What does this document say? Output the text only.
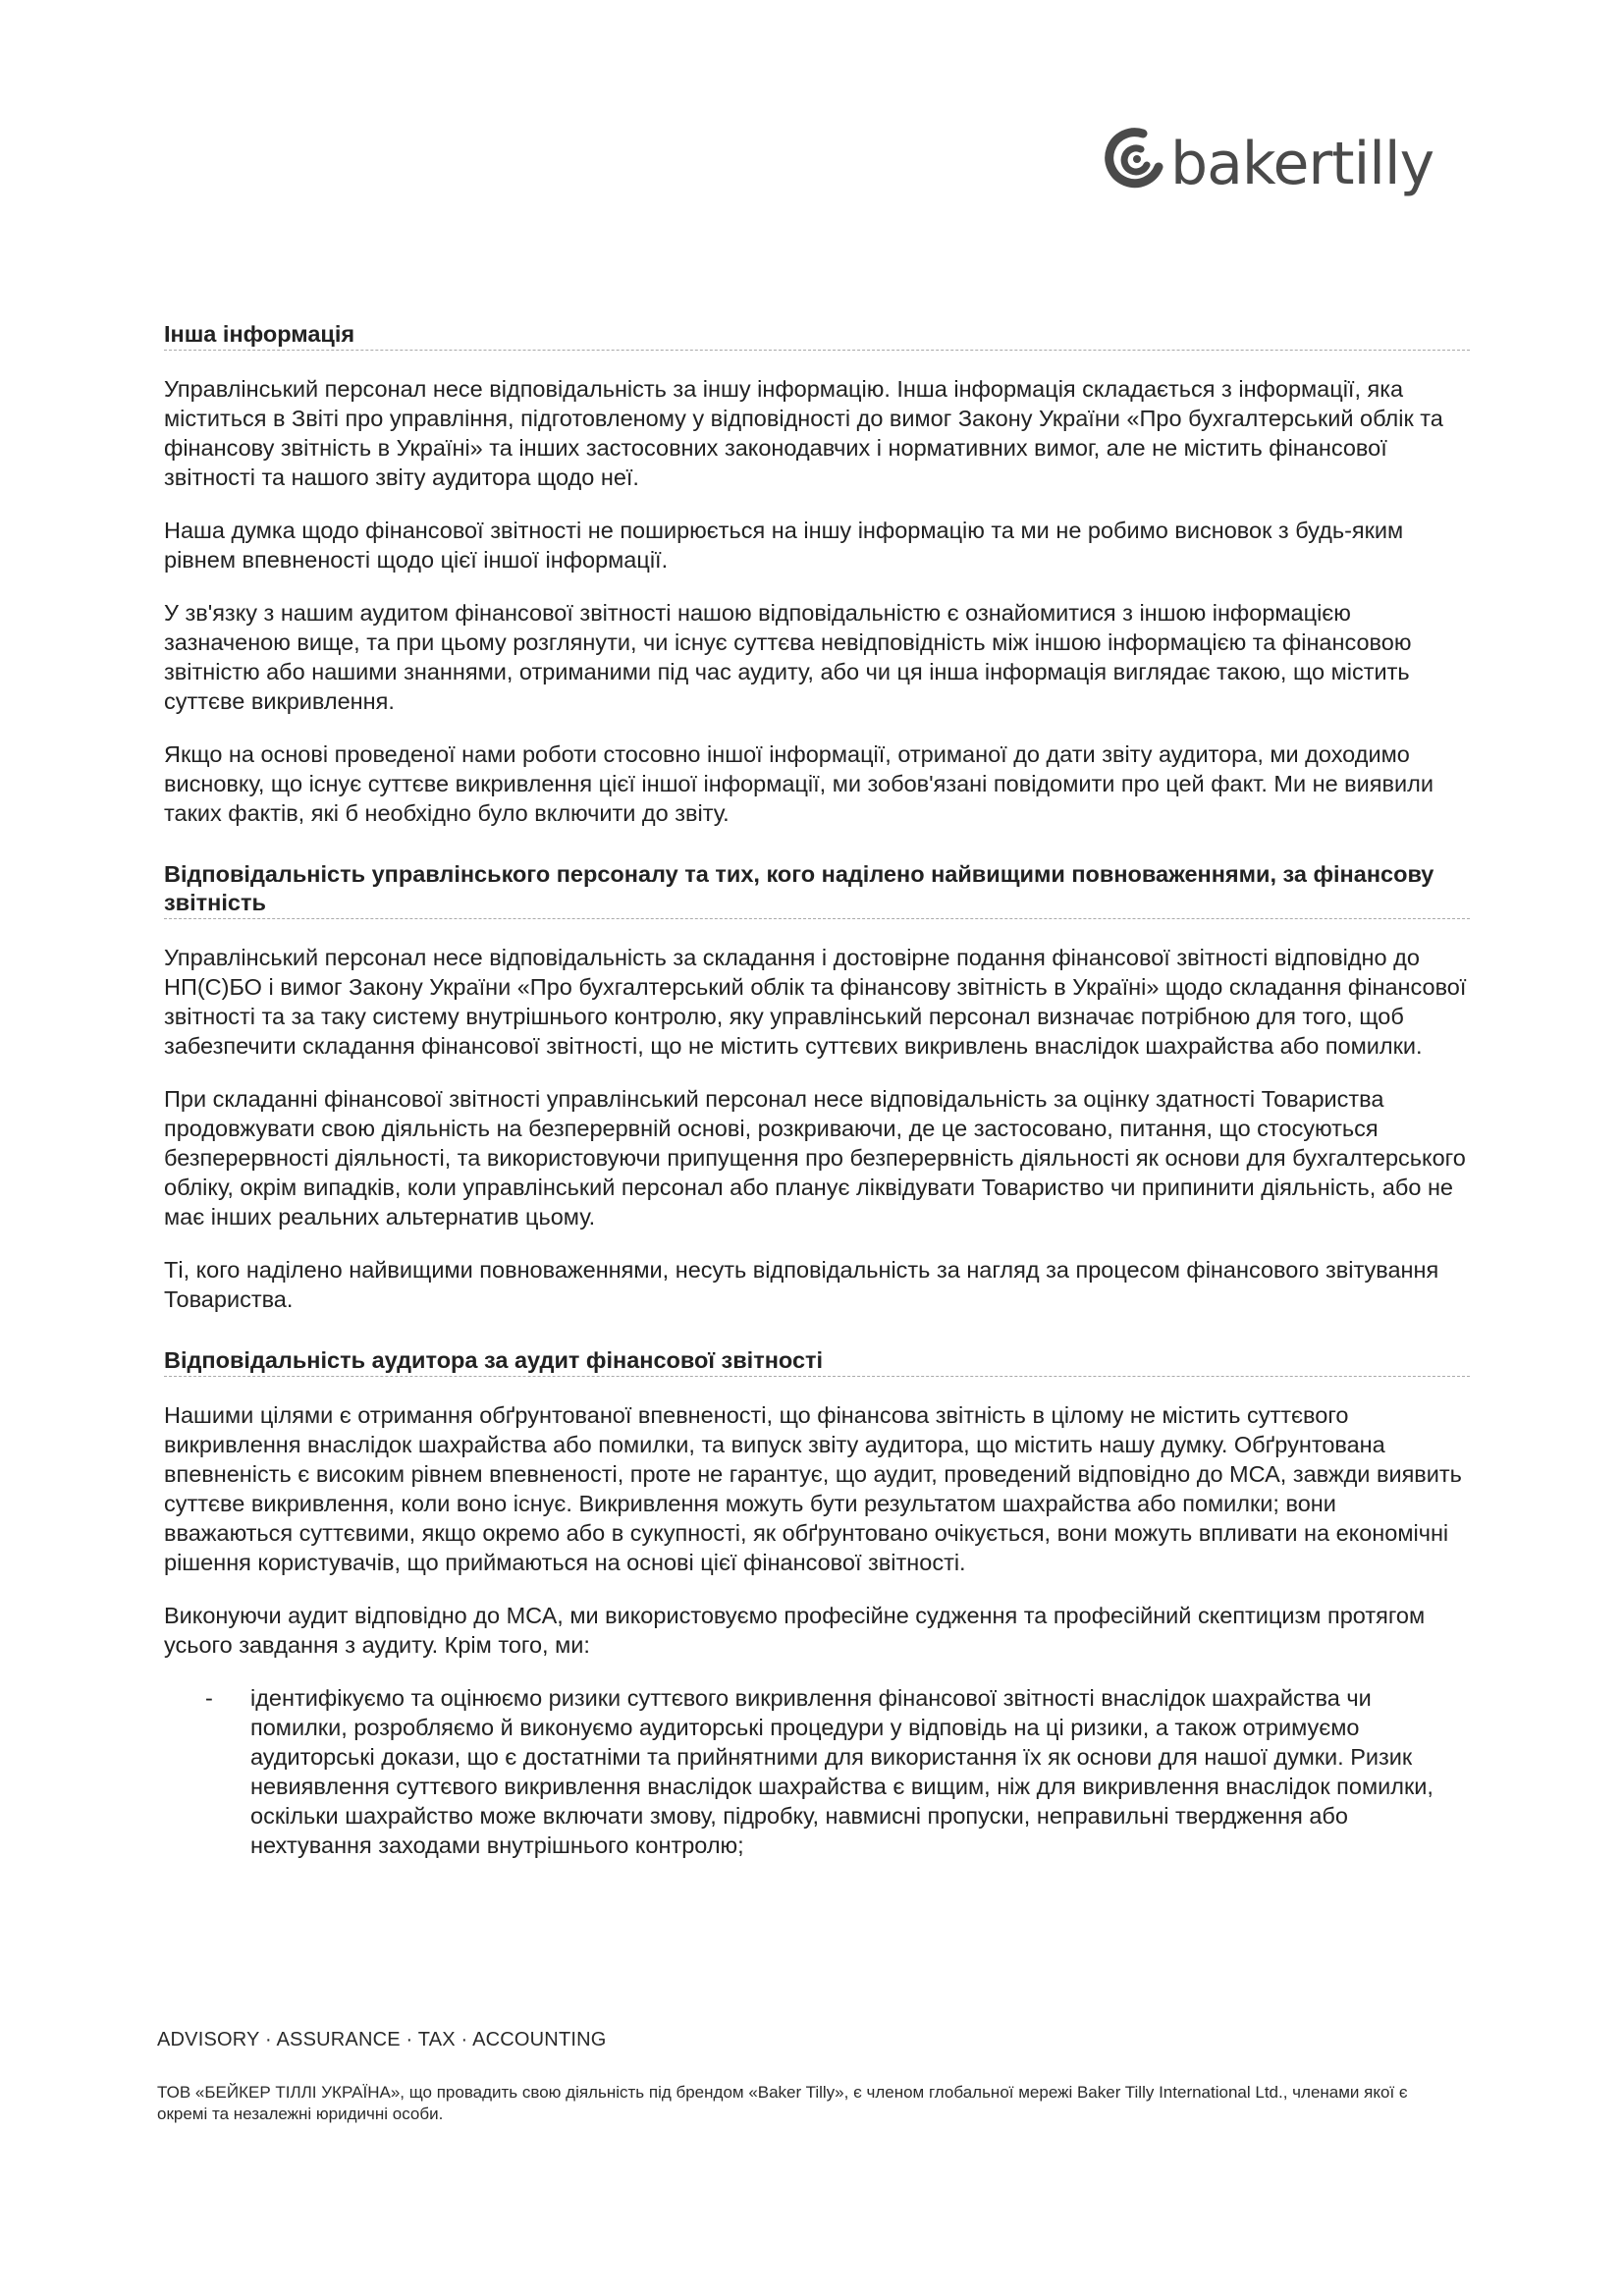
bakertilly
Інша інформація

Управлінський персонал несе відповідальність за іншу інформацію. Інша інформація складається з інформації, яка міститься в Звіті про управління, підготовленому у відповідності до вимог Закону України «Про бухгалтерський облік та фінансову звітність в Україні» та інших застосовних законодавчих і нормативних вимог, але не містить фінансової звітності та нашого звіту аудитора щодо неї.

Наша думка щодо фінансової звітності не поширюється на іншу інформацію та ми не робимо висновок з будь-яким рівнем впевненості щодо цієї іншої інформації.

У зв'язку з нашим аудитом фінансової звітності нашою відповідальністю є ознайомитися з іншою інформацією зазначеною вище, та при цьому розглянути, чи існує суттєва невідповідність між іншою інформацією та фінансовою звітністю або нашими знаннями, отриманими під час аудиту, або чи ця інша інформація виглядає такою, що містить суттєве викривлення.

Якщо на основі проведеної нами роботи стосовно іншої інформації, отриманої до дати звіту аудитора, ми доходимо висновку, що існує суттєве викривлення цієї іншої інформації, ми зобов'язані повідомити про цей факт. Ми не виявили таких фактів, які б необхідно було включити до звіту.

Відповідальність управлінського персоналу та тих, кого наділено найвищими повноваженнями, за фінансову звітність

Управлінський персонал несе відповідальність за складання і достовірне подання фінансової звітності відповідно до НП(С)БО і вимог Закону України «Про бухгалтерський облік та фінансову звітність в Україні» щодо складання фінансової звітності та за таку систему внутрішнього контролю, яку управлінський персонал визначає потрібною для того, щоб забезпечити складання фінансової звітності, що не містить суттєвих викривлень внаслідок шахрайства або помилки.

При складанні фінансової звітності управлінський персонал несе відповідальність за оцінку здатності Товариства продовжувати свою діяльність на безперервній основі, розкриваючи, де це застосовано, питання, що стосуються безперервності діяльності, та використовуючи припущення про безперервність діяльності як основи для бухгалтерського обліку, окрім випадків, коли управлінський персонал або планує ліквідувати Товариство чи припинити діяльність, або не має інших реальних альтернатив цьому.

Ті, кого наділено найвищими повноваженнями, несуть відповідальність за нагляд за процесом фінансового звітування Товариства.

Відповідальність аудитора за аудит фінансової звітності

Нашими цілями є отримання обґрунтованої впевненості, що фінансова звітність в цілому не містить суттєвого викривлення внаслідок шахрайства або помилки, та випуск звіту аудитора, що містить нашу думку. Обґрунтована впевненість є високим рівнем впевненості, проте не гарантує, що аудит, проведений відповідно до МСА, завжди виявить суттєве викривлення, коли воно існує. Викривлення можуть бути результатом шахрайства або помилки; вони вважаються суттєвими, якщо окремо або в сукупності, як обґрунтовано очікується, вони можуть впливати на економічні рішення користувачів, що приймаються на основі цієї фінансової звітності.

Виконуючи аудит відповідно до МСА, ми використовуємо професійне судження та професійний скептицизм протягом усього завдання з аудиту. Крім того, ми:

- ідентифікуємо та оцінюємо ризики суттєвого викривлення фінансової звітності внаслідок шахрайства чи помилки, розробляємо й виконуємо аудиторські процедури у відповідь на ці ризики, а також отримуємо аудиторські докази, що є достатніми та прийнятними для використання їх як основи для нашої думки. Ризик невиявлення суттєвого викривлення внаслідок шахрайства є вищим, ніж для викривлення внаслідок помилки, оскільки шахрайство може включати змову, підробку, навмисні пропуски, неправильні твердження або нехтування заходами внутрішнього контролю;
ADVISORY · ASSURANCE · TAX · ACCOUNTING
ТОВ «БЕЙКЕР ТІЛЛІ УКРАЇНА», що провадить свою діяльність під брендом «Baker Tilly», є членом глобальної мережі Baker Tilly International Ltd., членами якої є окремі та незалежні юридичні особи.
